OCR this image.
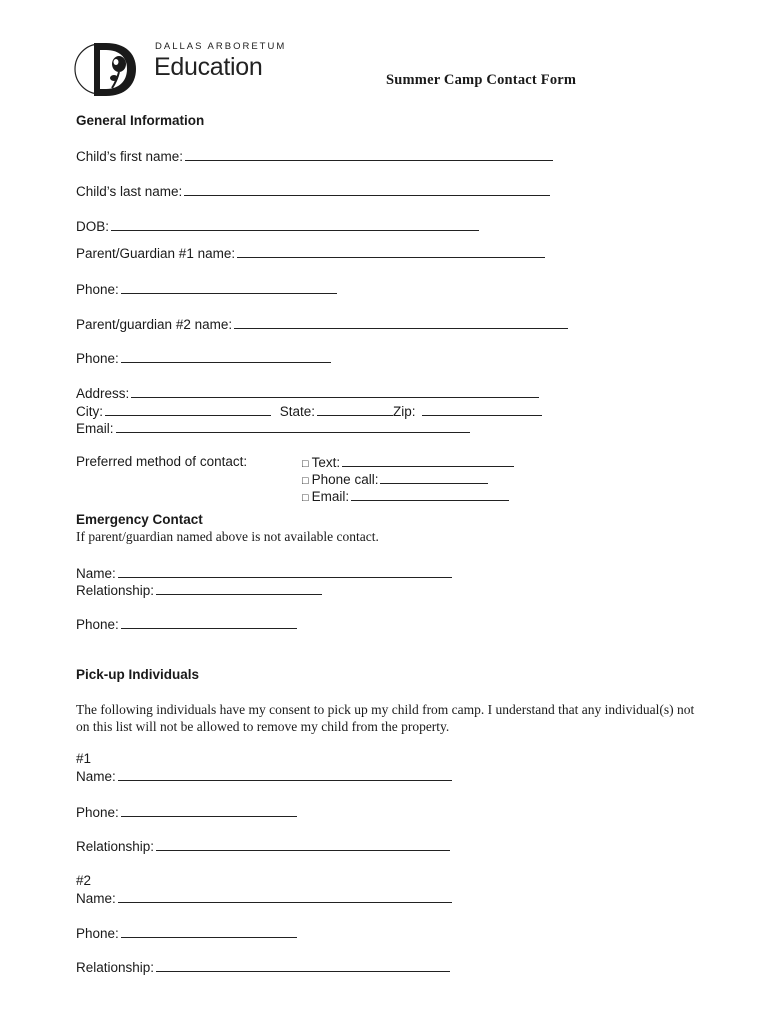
DALLAS ARBORETUM
Education	Summer Camp Contact Form
General Information
Child’s first name:
Child’s last name:
DOB:
Parent/Guardian #1 name:
Phone:
Parent/guardian #2 name:
Phone:
Address:
City:	State:	Zip:
Email:
Preferred method of contact:	□ Text:
□ Phone call:
□ Email:
Emergency Contact
If parent/guardian named above is not available contact.
Name:
Relationship:
Phone:
Pick-up Individuals
The following individuals have my consent to pick up my child from camp. I understand that any individual(s) not on this list will not be allowed to remove my child from the property.
#1
Name:
Phone:
Relationship:
#2
Name:
Phone:
Relationship:
